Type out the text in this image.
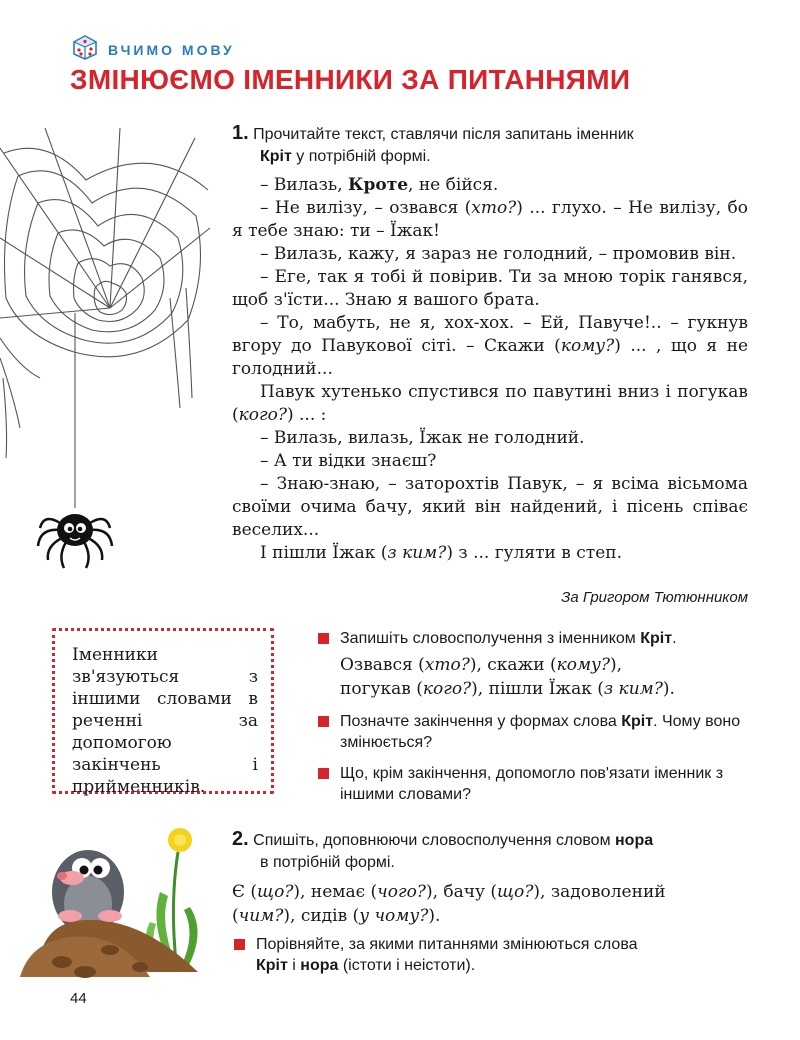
ВЧИМО МОВУ
ЗМІНЮЄМО ІМЕННИКИ ЗА ПИТАННЯМИ
1. Прочитайте текст, ставлячи після запитань іменник
Кріт у потрібній формі.

– Вилазь, Кроте, не бійся.

– Не вилізу, – озвався (хто?) ... глухо. – Не вилізу, бо я тебе знаю: ти – Їжак!

– Вилазь, кажу, я зараз не голодний, – промовив він.

– Еге, так я тобі й повірив. Ти за мною торік ганявся, щоб з'їсти... Знаю я вашого брата.

– То, мабуть, не я, хох-хох. – Ей, Павуче!.. – гукнув вгору до Павукової сіті. – Скажи (кому?) ... , що я не голодний...

Павук хутенько спустився по павутині вниз і погукав (кого?) ... :

– Вилазь, вилазь, Їжак не голодний.

– А ти відки знаєш?

– Знаю-знаю, – заторохтів Павук, – я всіма вісьмома своїми очима бачу, який він найдений, і пісень співає веселих...

І пішли Їжак (з ким?) з ... гуляти в степ.

За Григором Тютюнником
Іменники зв'язуються з іншими словами в реченні за допомогою закінчень і прийменників.
Запишіть словосполучення з іменником Кріт.
Озвався (хто?), скажи (кому?),
погукав (кого?), пішли Їжак (з ким?).
Позначте закінчення у формах слова Кріт. Чому воно змінюється?
Що, крім закінчення, допомогло пов'язати іменник з іншими словами?
2. Спишіть, доповнюючи словосполучення словом нора
в потрібній формі.
Є (що?), немає (чого?), бачу (що?), задоволений
(чим?), сидів (у чому?).
Порівняйте, за якими питаннями змінюються слова
Кріт і нора (істоти і неістоти).
44
